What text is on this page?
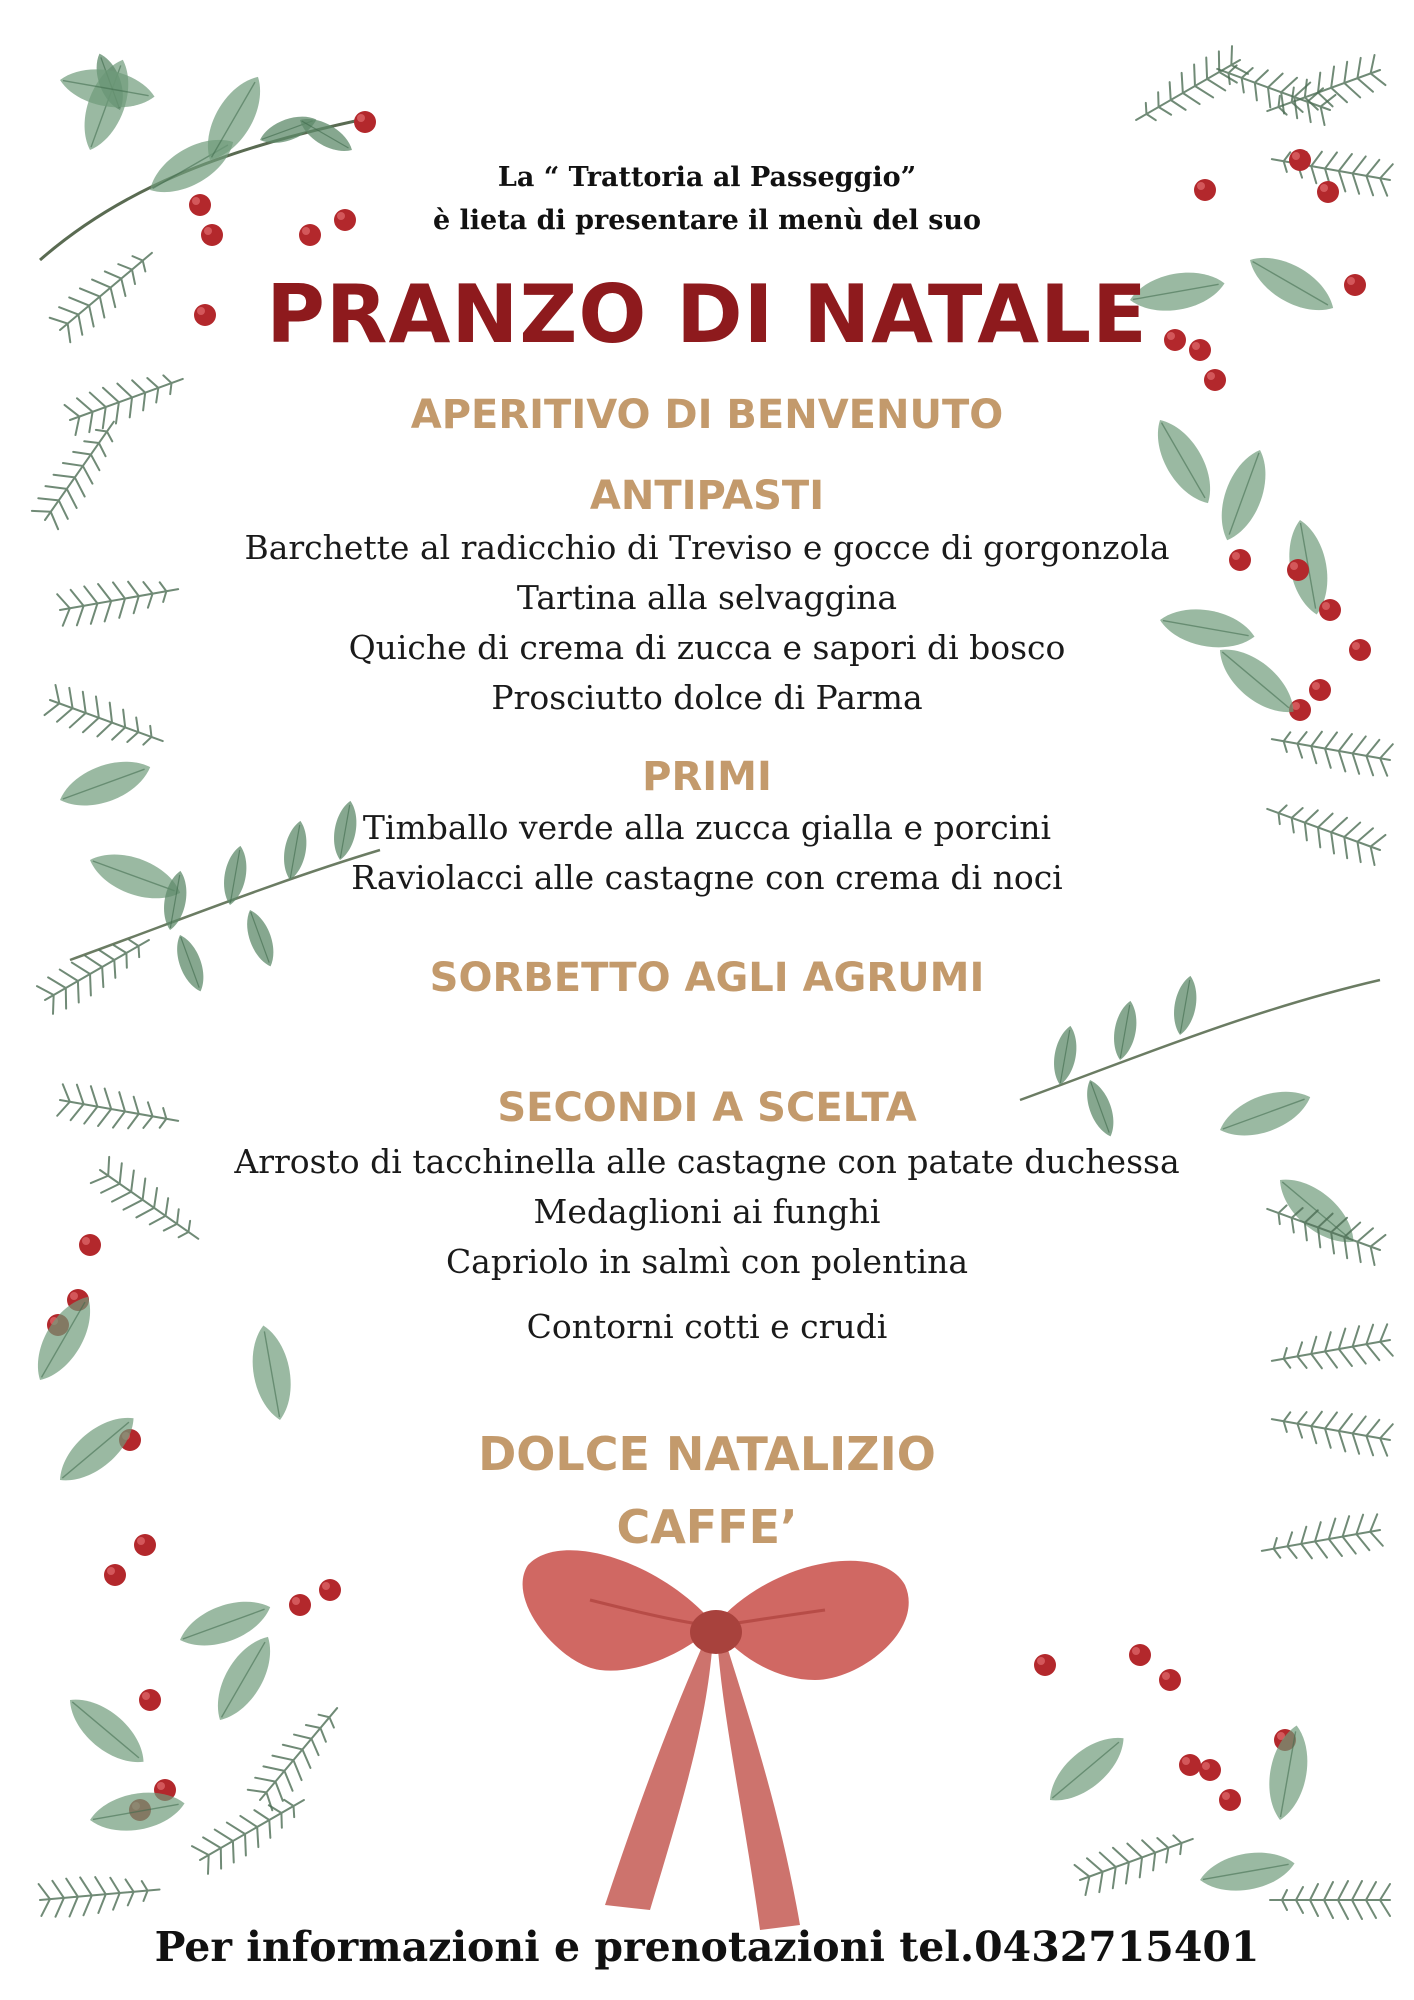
La “ Trattoria al Passeggio”
è lieta di presentare il menù del suo
PRANZO DI NATALE
APERITIVO DI BENVENUTO
ANTIPASTI
Barchette al radicchio di Treviso e gocce di gorgonzola
Tartina alla selvaggina
Quiche di crema di zucca e sapori di bosco
Prosciutto dolce di Parma
PRIMI
Timballo verde alla zucca gialla e porcini
Raviolacci alle castagne con crema di noci
SORBETTO AGLI AGRUMI
SECONDI A SCELTA
Arrosto di tacchinella alle castagne con patate duchessa
Medaglioni ai funghi
Capriolo in salmì con polentina
Contorni cotti e crudi
DOLCE NATALIZIO
CAFFE’
Per informazioni e prenotazioni tel.0432715401
